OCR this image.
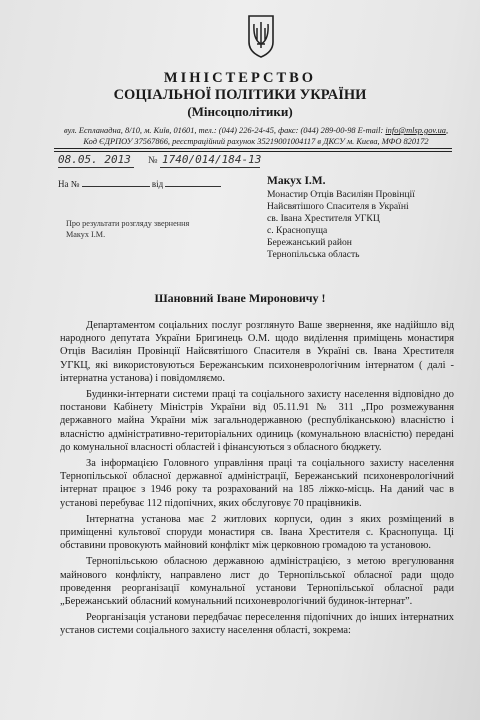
МІНІСТЕРСТВО
СОЦІАЛЬНОЇ ПОЛІТИКИ УКРАЇНИ
(Мінсоцполітики)
вул. Еспланадна, 8/10, м. Київ, 01601, тел.: (044) 226-24-45, факс: (044) 289-00-98 E-mail: info@mlsp.gov.ua,
Код ЄДРПОУ 37567866, реєстраційний рахунок 35219001004117 в ДКСУ м. Києва, МФО 820172
08.05. 2013 № 1740/014/184-13
На №	від	Макух І.М.
Монастир Отців Василіян Провінції
Найсвятішого Спасителя в Україні
св. Івана Хрестителя УГКЦ
с. Краснопуща
Бережанський район
Тернопільська область
Про результати розгляду звернення
Макух І.М.
Шановний Іване Мироновичу !

Департаментом соціальних послуг розглянуто Ваше звернення, яке надійшло від народного депутата України Бригинець О.М. щодо виділення приміщень монастиря Отців Василіян Провінції Найсвятішого Спасителя в Україні св. Івана Хрестителя УГКЦ, які використовуються Бережанським психоневрологічним інтернатом ( далі - інтернатна установа) і повідомляємо.

Будинки-інтернати системи праці та соціального захисту населення відповідно до постанови Кабінету Міністрів України від 05.11.91 № 311 „Про розмежування державного майна України між загальнодержавною (республіканською) власністю і власністю адміністративно-територіальних одиниць (комунальною власністю) передані до комунальної власності областей і фінансуються з обласного бюджету.

За інформацією Головного управління праці та соціального захисту населення Тернопільської обласної державної адміністрації, Бережанський психоневрологічний інтернат працює з 1946 року та розрахований на 185 ліжко-місць. На даний час в установі перебуває 112 підопічних, яких обслуговує 70 працівників.

Інтернатна установа має 2 житлових корпуси, один з яких розміщений в приміщенні культової споруди монастиря св. Івана Хрестителя с. Краснопуща. Ці обставини провокують майновий конфлікт між церковною громадою та установою.

Тернопільською обласною державною адміністрацією, з метою врегулювання майнового конфлікту, направлено лист до Тернопільської обласної ради щодо проведення реорганізації комунальної установи Тернопільської обласної ради „Бережанський обласний комунальний психоневрологічний будинок-інтернат”.

Реорганізація установи передбачає переселення підопічних до інших інтернатних установ системи соціального захисту населення області, зокрема:
